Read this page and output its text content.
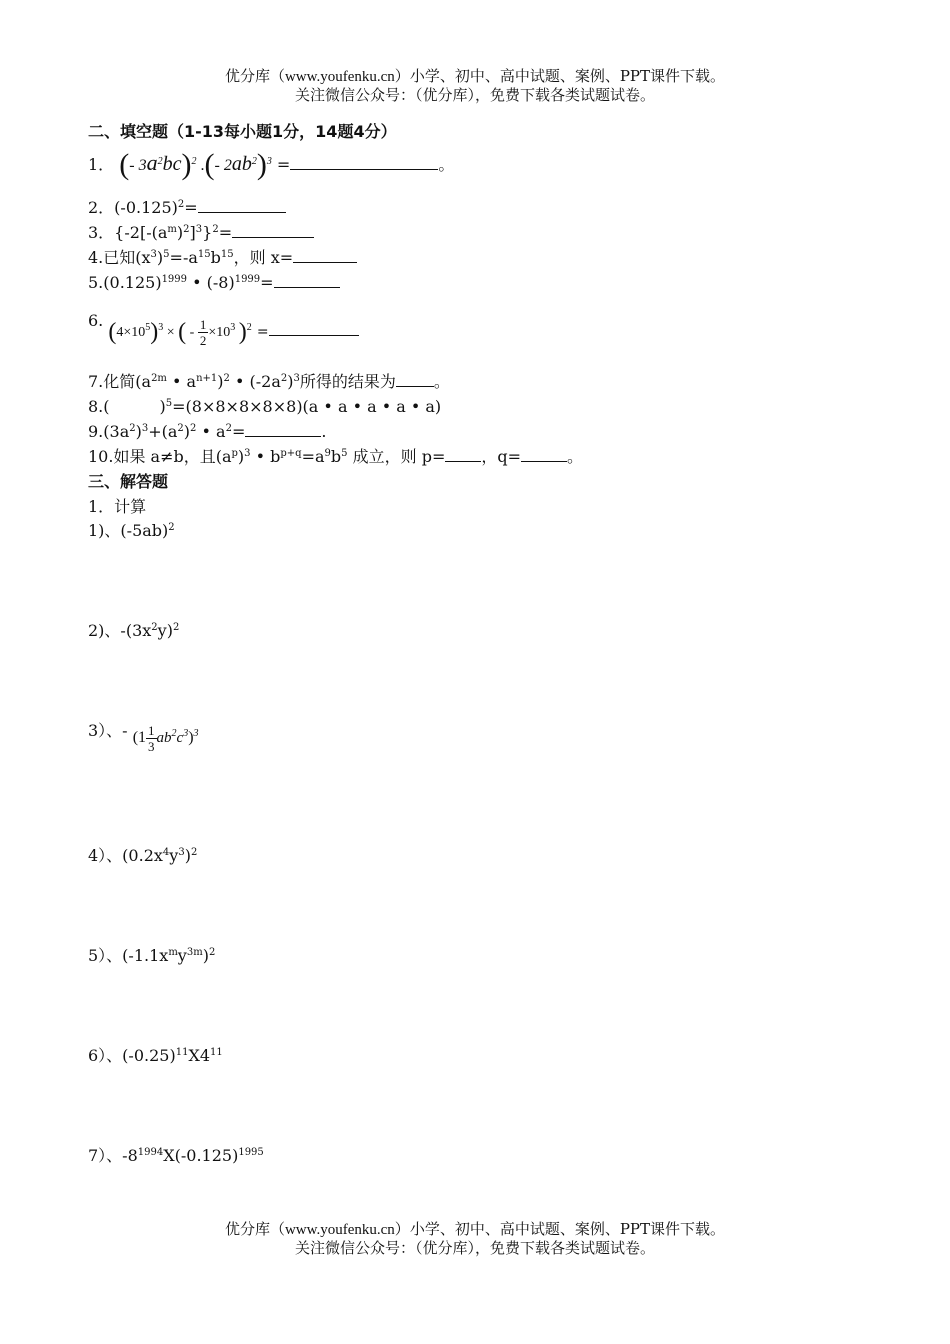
优分库（www.youfenku.cn）小学、初中、高中试题、案例、PPT课件下载。
关注微信公众号：（优分库），免费下载各类试题试卷。
二、填空题（1-13每小题1分，14题4分）
1． (- $3a^2bc)^2$ .(- $2ab^2)^3$ =	。
2．$(-0.125)^2=$
3．$\{-2[-(a^m)^2]^3\}^2=$
4.已知$(x^3)^5=-a^{15}b^{15}$，则 x=
$5.(0.125)^{1999}$ • $(-8)^{1999}=$
6. $(4\times 10^5)^3$ × ( - $\frac{1}{2} \times 10^3$ )$^2$ =
7.化简($a^{2m}$ • $a^{n+1})^2$ • $(-2a^2)^3$所得的结果为 。
8.(	)$^5$=(8×8×8×8×8)(a • a • a • a • a)
$9.(3a^2)^3+(a^2)^2$ • $a^2=$	.
10.如果 a≠b，且$(a^p)^3$ • $b^{p+q}=a^9b^5$ 成立，则 p= ，q=	。
三、解答题
1．计算
1)、$(-5ab)^2$
2)、$-(3x^2y)^2$
3）、- $(1 \frac{1}{3} ab^2c^3)^3$
4）、$(0.2x^4y^3)^2$
5）、$(-1.1x^my^{3m})^2$
6）、$(-0.25)^{11}X4^{11}$
7）、$-8^{1994}X(-0.125)^{1995}$
优分库（www.youfenku.cn）小学、初中、高中试题、案例、PPT课件下载。
关注微信公众号：（优分库），免费下载各类试题试卷。
